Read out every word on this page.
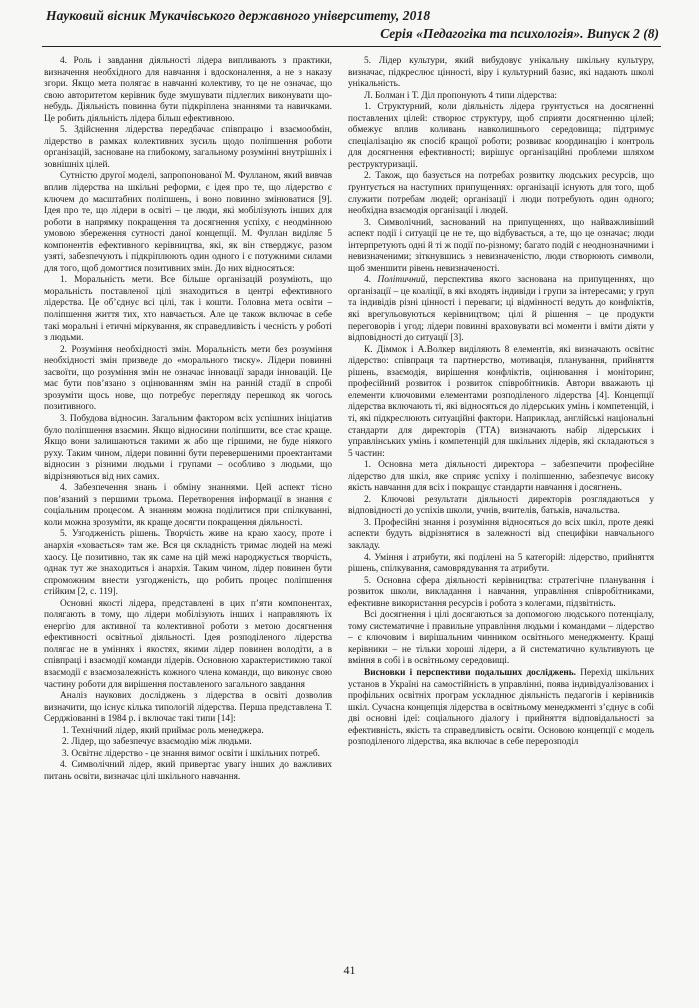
Науковий вісник Мукачівського державного університету, 2018
Серія «Педагогіка та психологія». Випуск 2 (8)

4. Роль і завдання діяльності лідера випливають з практики, визначення необхідного для навчання і вдосконалення, а не з наказу згори. Якщо мета полягає в навчанні колективу, то це не означає, що свою авторитетом керівник буде змушувати підлеглих виконувати що-небудь. Діяльність повинна бути підкріплена знаннями та навичками. Це робить діяльність лідера більш ефективною.

5. Здійснення лідерства передбачає співпрацю і взаємообмін, лідерство в рамках колективних зусиль щодо поліпшення роботи організацій, засноване на глибокому, загальному розумінні внутрішніх і зовнішніх цілей.

Сутністю другої моделі, запропонованої М. Фулланом, який вивчав вплив лідерства на шкільні реформи, є ідея про те, що лідерство є ключем до масштабних поліпшень, і воно повинно змінюватися [9]. Ідея про те, що лідери в освіті – це люди, які мобілізують інших для роботи в напрямку покращення та досягнення успіху, є неодмінною умовою збереження сутності даної концепції. М. Фуллан виділяє 5 компонентів ефективного керівництва, які, як він стверджує, разом узяті, забезпечують і підкріплюють один одного і є потужними силами для того, щоб домогтися позитивних змін. До них відносяться:

1. Моральність мети. Все більше організацій розуміють, що моральність поставленої цілі знаходиться в центрі ефективного лідерства. Це об’єднує всі цілі, так і кошти. Головна мета освіти – поліпшення життя тих, хто навчається. Але це також включає в себе такі моральні і етичні міркування, як справедливість і чесність у роботі з людьми.

2. Розуміння необхідності змін. Моральність мети без розуміння необхідності змін призведе до «морального тиску». Лідери повинні засвоїти, що розуміння змін не означає інновації заради інновацій. Це має бути пов’язано з оцінюванням змін на ранній стадії в спробі зрозуміти щось нове, що потребує перегляду перешкод як чогось позитивного.

3. Побудова відносин. Загальним фактором всіх успішних ініціатив було поліпшення взаємин. Якщо відносини поліпшити, все стає краще. Якщо вони залишаються такими ж або ще гіршими, не буде ніякого руху. Таким чином, лідери повинні бути перевершеними проектантами відносин з різними людьми і групами – особливо з людьми, що відрізняються від них самих.

4. Забезпечення знань і обміну знаннями. Цей аспект тісно пов’язаний з першими трьома. Перетворення інформації в знання є соціальним процесом. А знанням можна поділитися при спілкуванні, коли можна зрозуміти, як краще досягти покращення діяльності.

5. Узгодженість рішень. Творчість живе на краю хаосу, проте і анархія «ховається» там же. Вся ця складність тримає людей на межі хаосу. Це позитивно, так як саме на цій межі народжується творчість, однак тут же знаходиться і анархія. Таким чином, лідер повинен бути спроможним внести узгодженість, що робить процес поліпшення стійким [2, с. 119].

Основні якості лідера, представлені в цих п’яти компонентах, полягають в тому, що лідери мобілізують інших і направляють їх енергію для активної та колективної роботи з метою досягнення ефективності освітньої діяльності. Ідея розподіленого лідерства полягає не в уміннях і якостях, якими лідер повинен володіти, а в співпраці і взаємодії команди лідерів. Основною характеристикою такої взаємодії є взаємозалежність кожного члена команди, що виконує свою частину роботи для вирішення поставленого загального завдання

Аналіз наукових досліджень з лідерства в освіті дозволив визначити, що існує кілька типологій лідерства. Перша представлена Т. Серджіованні в 1984 р. і включає такі типи [14]:

1. Технічний лідер, який приймає роль менеджера.

2. Лідер, що забезпечує взаємодію між людьми.

3. Освітнє лідерство - це знання вимог освіти і шкільних потреб.

4. Символічний лідер, який привертає увагу інших до важливих питань освіти, визначає цілі шкільного навчання.

5. Лідер культури, який вибудовує унікальну шкільну культуру, визначає, підкреслює цінності, віру і культурний базис, які надають школі унікальність.

Л. Болман і Т. Діл пропонують 4 типи лідерства:

1. Структурний, коли діяльність лідера грунтується на досягненні поставлених цілей: створює структуру, щоб сприяти досягненню цілей; обмежує вплив коливань навколишнього середовища; підтримує спеціалізацію як спосіб кращої роботи; розвиває координацію і контроль для досягнення ефективності; вирішує організаційні проблеми шляхом реструктуризації.

2. Також, що базується на потребах розвитку людських ресурсів, що ґрунтується на наступних припущеннях: організації існують для того, щоб служити потребам людей; організації і люди потребують один одного; необхідна взаємодія організації і людей.

3. Символічний, заснований на припущеннях, що найважливіший аспект події і ситуації це не те, що відбувається, а те, що це означає; люди інтерпретують одні й ті ж події по-різному; багато подій є неоднозначними і невизначеними; зіткнувшись з невизначеністю, люди створюють символи, щоб зменшити рівень невизначеності.

4. Політичний, перспектива якого заснована на припущеннях, що організації – це коаліції, в які входять індивіди і групи за інтересами; у груп та індивідів різні цінності і переваги; ці відмінності ведуть до конфліктів, які врегульовуються керівництвом; цілі й рішення – це продукти переговорів і угод; лідери повинні враховувати всі моменти і вміти діяти у відповідності до ситуації [3].

К. Діммок і А.Волкер виділяють 8 елементів, які визначають освітнє лідерство: співпраця та партнерство, мотивація, планування, прийняття рішень, взаємодія, вирішення конфліктів, оцінювання і моніторинг, професійний розвиток і розвиток співробітників. Автори вважають ці елементи ключовими елементами розподіленого лідерства [4]. Концепції лідерства включають ті, які відносяться до лідерських умінь і компетенцій, і ті, які підкреслюють ситуаційні фактори. Наприклад, англійські національні стандарти для директорів (ТТА) визначають набір лідерських і управлінських умінь і компетенцій для шкільних лідерів, які складаються з 5 частин:

1. Основна мета діяльності директора – забезпечити професійне лідерство для шкіл, яке сприяє успіху і поліпшенню, забезпечує високу якість навчання для всіх і покращує стандарти навчання і досягнень.

2. Ключові результати діяльності директорів розглядаються у відповідності до успіхів школи, учнів, вчителів, батьків, начальства.

3. Професійні знання і розуміння відносяться до всіх шкіл, проте деякі аспекти будуть відрізнятися в залежності від специфіки навчального закладу.

4. Уміння і атрибути, які поділені на 5 категорій: лідерство, прийняття рішень, спілкування, самоврядування та атрибути.

5. Основна сфера діяльності керівництва: стратегічне планування і розвиток школи, викладання і навчання, управління співробітниками, ефективне використання ресурсів і робота з колегами, підзвітність.

Всі досягнення і цілі досягаються за допомогою людського потенціалу, тому систематичне і правильне управління людьми і командами – лідерство – є ключовим і вирішальним чинником освітнього менеджменту. Кращі керівники – не тільки хороші лідери, а й систематично культивують це вміння в собі і в освітньому середовищі.

Висновки і перспективи подальших досліджень. Перехід шкільних установ в Україні на самостійність в управлінні, поява індивідуалізованих і профільних освітніх програм ускладнює діяльність педагогів і керівників шкіл. Сучасна концепція лідерства в освітньому менеджменті з’єднує в собі дві основні ідеї: соціального діалогу і прийняття відповідальності за ефективність, якість та справедливість освіти. Основою концепції є модель розподіленого лідерства, яка включає в себе перерозподіл

41
